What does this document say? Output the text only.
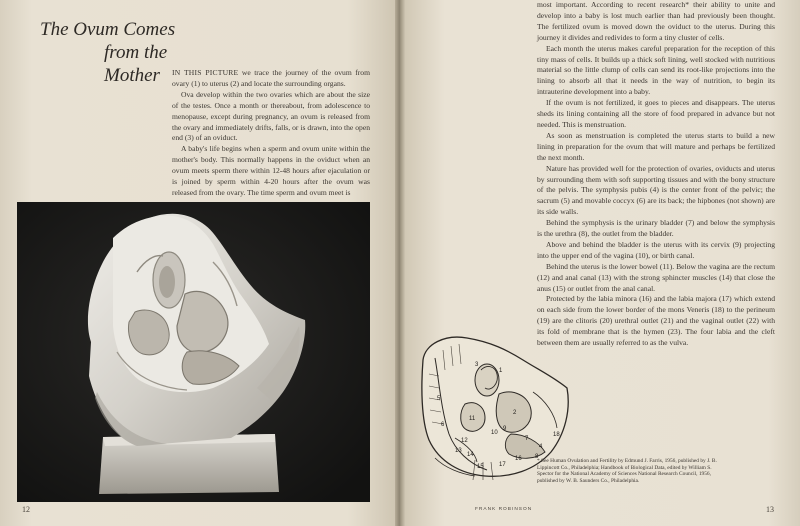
The Ovum Comes
from the Mother	IN THIS PICTURE we trace the journey of the ovum from ovary (1) to uterus (2) and locate the surrounding organs.

Ova develop within the two ovaries which are about the size of the testes. Once a month or thereabout, from adolescence to menopause, except during pregnancy, an ovum is released from the ovary and immediately drifts, falls, or is drawn, into the open end (3) of an oviduct.

A baby's life begins when a sperm and ovum unite within the mother's body. This normally happens in the oviduct when an ovum meets sperm there within 12-48 hours after ejaculation or is joined by sperm within 4-20 hours after the ovum was released from the ovary. The time sperm and ovum meet is

12

most important. According to recent research* their ability to unite and develop into a baby is lost much earlier than had previously been thought. The fertilized ovum is moved down the oviduct to the uterus. During this journey it divides and redivides to form a tiny cluster of cells.

Each month the uterus makes careful preparation for the reception of this tiny mass of cells. It builds up a thick soft lining, well stocked with nutritious material so the little clump of cells can send its root-like projections into the lining to absorb all that it needs in the way of nutrition, to begin its intrauterine development into a baby.

If the ovum is not fertilized, it goes to pieces and disappears. The uterus sheds its lining containing all the store of food prepared in advance but not needed. This is menstruation.

As soon as menstruation is completed the uterus starts to build a new lining in preparation for the ovum that will mature and perhaps be fertilized the next month.

Nature has provided well for the protection of ovaries, oviducts and uterus by surrounding them with soft supporting tissues and with the bony structure of the pelvis. The symphysis pubis (4) is the center front of the pelvic; the sacrum (5) and movable coccyx (6) are its back; the hipbones (not shown) are its side walls.

Behind the symphysis is the urinary bladder (7) and below the symphysis is the urethra (8), the outlet from the bladder.

Above and behind the bladder is the uterus with its cervix (9) projecting into the upper end of the vagina (10), or birth canal.

Behind the uterus is the lower bowel (11). Below the vagina are the rectum (12) and anal canal (13) with the strong sphincter muscles (14) that close the anus (15) or outlet from the anal canal.

Protected by the labia minora (16) and the labia majora (17) which extend on each side from the lower border of the mons Veneris (18) to the perineum (19) are the clitoris (20) urethral outlet (21) and the vaginal outlet (22) with its fold of membrane that is the hymen (23). The four labia and the cleft between them are usually referred to as the vulva.

1
2
3
4
5
6
7
8
9
10
11
12
13
14
15
16
17
18

* See Human Ovulation and Fertility by Edmund J. Farris, 1956, published by J. B. Lippincott Co., Philadelphia; Handbook of Biological Data, edited by William S. Spector for the National Academy of Sciences National Research Council, 1956, published by W. B. Saunders Co., Philadelphia.

FRANK ROBINSON	13
